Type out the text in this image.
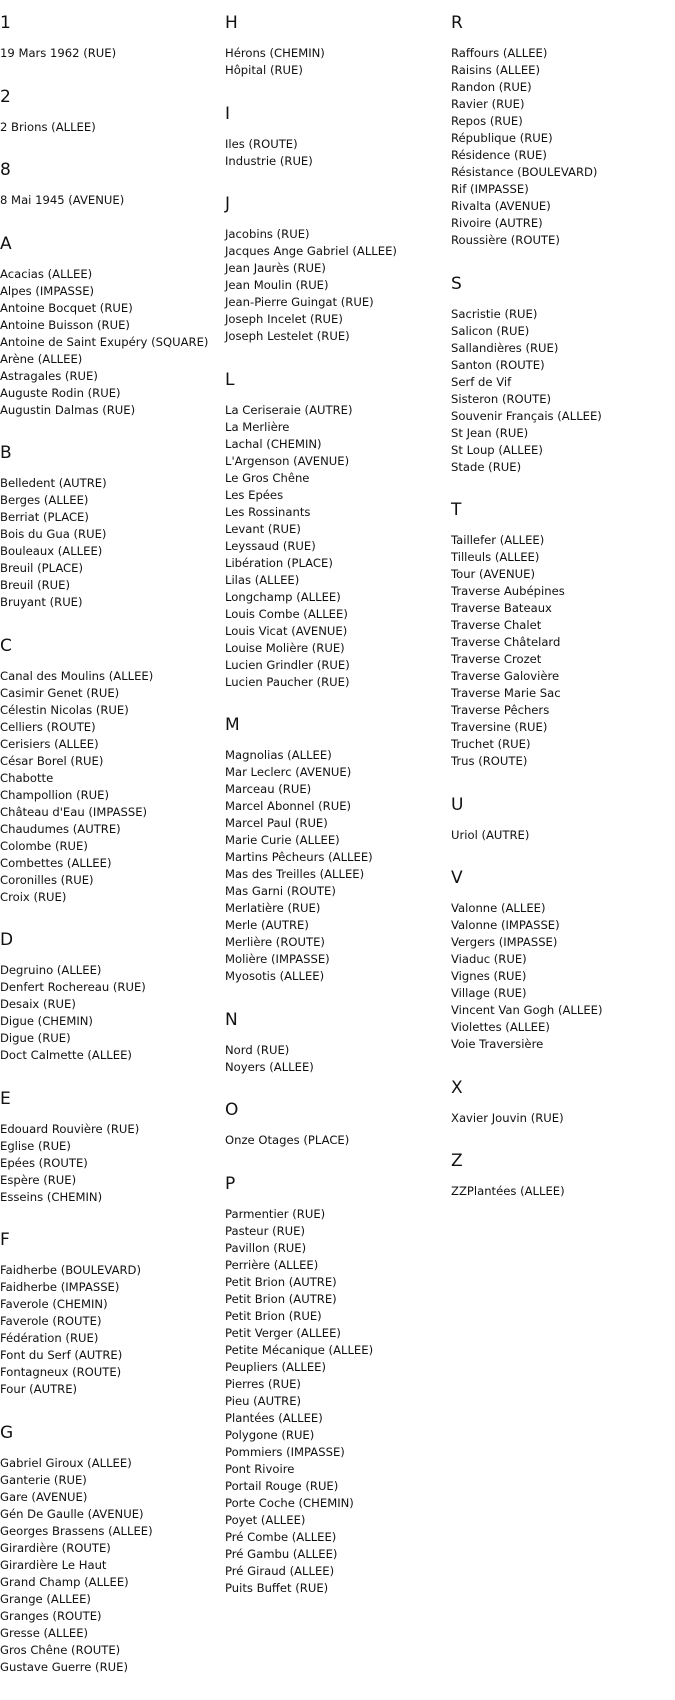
1
19 Mars 1962 (RUE)
2
2 Brions (ALLEE)
8
8 Mai 1945 (AVENUE)
A
Acacias (ALLEE)
Alpes (IMPASSE)
Antoine Bocquet (RUE)
Antoine Buisson (RUE)
Antoine de Saint Exupéry (SQUARE)
Arène (ALLEE)
Astragales (RUE)
Auguste Rodin (RUE)
Augustin Dalmas (RUE)
B
Belledent (AUTRE)
Berges (ALLEE)
Berriat (PLACE)
Bois du Gua (RUE)
Bouleaux (ALLEE)
Breuil (PLACE)
Breuil (RUE)
Bruyant (RUE)
C
Canal des Moulins (ALLEE)
Casimir Genet (RUE)
Célestin Nicolas (RUE)
Celliers (ROUTE)
Cerisiers (ALLEE)
César Borel (RUE)
Chabotte
Champollion (RUE)
Château d'Eau (IMPASSE)
Chaudumes (AUTRE)
Colombe (RUE)
Combettes (ALLEE)
Coronilles (RUE)
Croix (RUE)
D
Degruino (ALLEE)
Denfert Rochereau (RUE)
Desaix (RUE)
Digue (CHEMIN)
Digue (RUE)
Doct Calmette (ALLEE)
E
Edouard Rouvière (RUE)
Eglise (RUE)
Epées (ROUTE)
Espère (RUE)
Esseins (CHEMIN)
F
Faidherbe (BOULEVARD)
Faidherbe (IMPASSE)
Faverole (CHEMIN)
Faverole (ROUTE)
Fédération (RUE)
Font du Serf (AUTRE)
Fontagneux (ROUTE)
Four (AUTRE)
G
Gabriel Giroux (ALLEE)
Ganterie (RUE)
Gare (AVENUE)
Gén De Gaulle (AVENUE)
Georges Brassens (ALLEE)
Girardière (ROUTE)
Girardière Le Haut
Grand Champ (ALLEE)
Grange (ALLEE)
Granges (ROUTE)
Gresse (ALLEE)
Gros Chêne (ROUTE)
Gustave Guerre (RUE)
H
Hérons (CHEMIN)
Hôpital (RUE)
I
Iles (ROUTE)
Industrie (RUE)
J
Jacobins (RUE)
Jacques Ange Gabriel (ALLEE)
Jean Jaurès (RUE)
Jean Moulin (RUE)
Jean-Pierre Guingat (RUE)
Joseph Incelet (RUE)
Joseph Lestelet (RUE)
L
La Ceriseraie (AUTRE)
La Merlière
Lachal (CHEMIN)
L'Argenson (AVENUE)
Le Gros Chêne
Les Epées
Les Rossinants
Levant (RUE)
Leyssaud (RUE)
Libération (PLACE)
Lilas (ALLEE)
Longchamp (ALLEE)
Louis Combe (ALLEE)
Louis Vicat (AVENUE)
Louise Molière (RUE)
Lucien Grindler (RUE)
Lucien Paucher (RUE)
M
Magnolias (ALLEE)
Mar Leclerc (AVENUE)
Marceau (RUE)
Marcel Abonnel (RUE)
Marcel Paul (RUE)
Marie Curie (ALLEE)
Martins Pêcheurs (ALLEE)
Mas des Treilles (ALLEE)
Mas Garni (ROUTE)
Merlatière (RUE)
Merle (AUTRE)
Merlière (ROUTE)
Molière (IMPASSE)
Myosotis (ALLEE)
N
Nord (RUE)
Noyers (ALLEE)
O
Onze Otages (PLACE)
P
Parmentier (RUE)
Pasteur (RUE)
Pavillon (RUE)
Perrière (ALLEE)
Petit Brion (AUTRE)
Petit Brion (AUTRE)
Petit Brion (RUE)
Petit Verger (ALLEE)
Petite Mécanique (ALLEE)
Peupliers (ALLEE)
Pierres (RUE)
Pieu (AUTRE)
Plantées (ALLEE)
Polygone (RUE)
Pommiers (IMPASSE)
Pont Rivoire
Portail Rouge (RUE)
Porte Coche (CHEMIN)
Poyet (ALLEE)
Pré Combe (ALLEE)
Pré Gambu (ALLEE)
Pré Giraud (ALLEE)
Puits Buffet (RUE)
R
Raffours (ALLEE)
Raisins (ALLEE)
Randon (RUE)
Ravier (RUE)
Repos (RUE)
République (RUE)
Résidence (RUE)
Résistance (BOULEVARD)
Rif (IMPASSE)
Rivalta (AVENUE)
Rivoire (AUTRE)
Roussière (ROUTE)
S
Sacristie (RUE)
Salicon (RUE)
Sallandières (RUE)
Santon (ROUTE)
Serf de Vif
Sisteron (ROUTE)
Souvenir Français (ALLEE)
St Jean (RUE)
St Loup (ALLEE)
Stade (RUE)
T
Taillefer (ALLEE)
Tilleuls (ALLEE)
Tour (AVENUE)
Traverse Aubépines
Traverse Bateaux
Traverse Chalet
Traverse Châtelard
Traverse Crozet
Traverse Galovière
Traverse Marie Sac
Traverse Pêchers
Traversine (RUE)
Truchet (RUE)
Trus (ROUTE)
U
Uriol (AUTRE)
V
Valonne (ALLEE)
Valonne (IMPASSE)
Vergers (IMPASSE)
Viaduc (RUE)
Vignes (RUE)
Village (RUE)
Vincent Van Gogh (ALLEE)
Violettes (ALLEE)
Voie Traversière
X
Xavier Jouvin (RUE)
Z
ZZPlantées (ALLEE)
